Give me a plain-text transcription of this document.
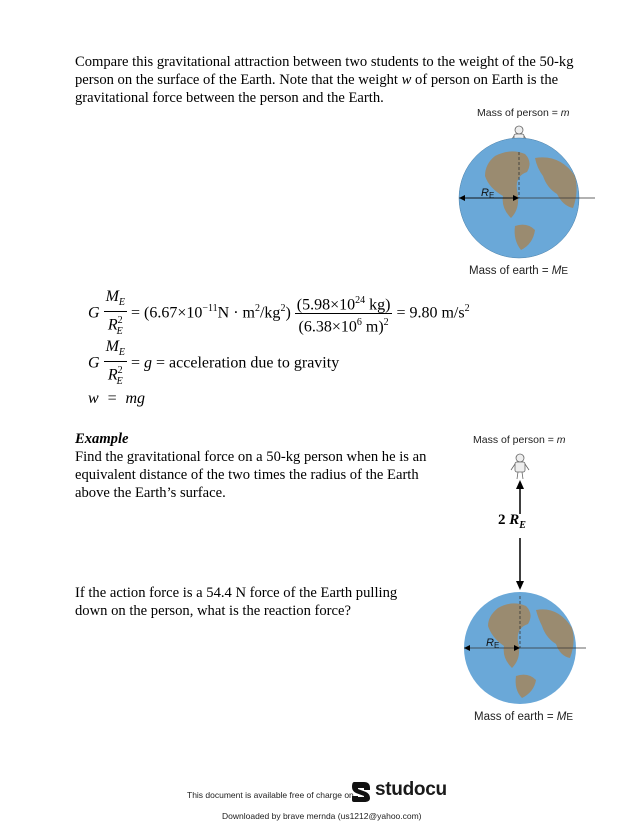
Compare this gravitational attraction between two students to the weight of the 50-kg
person on the surface of the Earth. Note that the weight w of person on Earth is the
gravitational force between the person and the Earth.
Mass of person = m
RE
Mass of earth = ME
G $\frac{M_E}{R^2_E} = (6.67\times 10^{-11}N \cdot m^2/kg^2) \frac{(5.98\times 10^{24} kg)}{(6.38\times 10^6 m)^2} = 9.80$ $m/s^2$
G $\frac{M_E}{R^2_E} = g$ = acceleration due to gravity
w  =  mg
Example
Find the gravitational force on a 50-kg person when he is an
equivalent distance of the two times the radius of the Earth
above the Earth’s surface.
Mass of person = m
RE
2 $R_E$
Mass of earth = ME
If the action force is a 54.4 N force of the Earth pulling
down on the person, what is the reaction force?
This document is available free of charge on studocu
Downloaded by brave mernda (us1212@yahoo.com)
